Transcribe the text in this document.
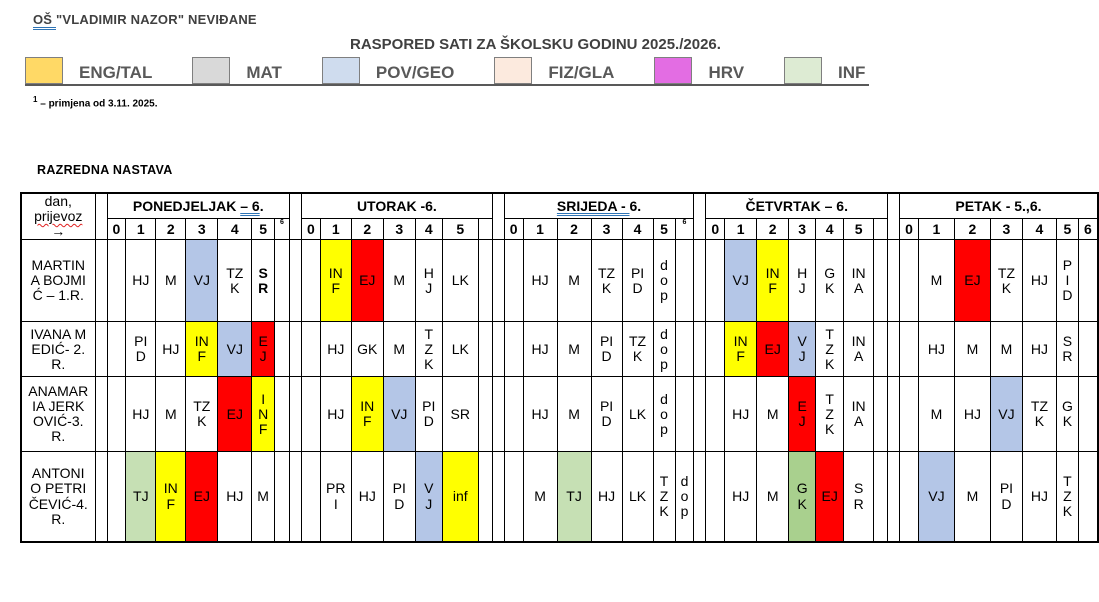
OŠ "VLADIMIR NAZOR" NEVIĐANE
RASPORED SATI ZA ŠKOLSKU GODINU 2025./2026.
ENG/TAL	MAT	POV/GEO	FIZ/GLA	HRV	INF
$^1$ – primjena od 3.11. 2025.
RAZREDNA NASTAVA
dan,
prijevoz →		PONEDJELJAK – 6.								UTORAK -6.								SRIJEDA - 6.								ČETVRTAK – 6.								PETAK - 5.,6.						
		0	1	2	3	4	5	6		0	1	2	3	4	5			0	1	2	3	4	5	6		0	1	2	3	4	5			0	1	2	3	4	5	6
MARTINA BOJMIĆ – 1.R.			HJ	M	VJ	TZK	SR				INF	EJ	M	HJ	LK				HJ	M	TZK	PID	dop				VJ	INF	HJ	GK	INA				M	EJ	TZK	HJ	PID	
IVANA MEDIĆ- 2.R.			PID	HJ	INF	VJ	EJ				HJ	GK	M	TZK	LK				HJ	M	PID	TZK	dop				INF	EJ	VJ	TZK	INA				HJ	M	M	HJ	SR	
ANAMARIA JERKOVIĆ-3.R.			HJ	M	TZK	EJ	INF				HJ	INF	VJ	PID	SR				HJ	M	PID	LK	dop				HJ	M	EJ	TZK	INA				M	HJ	VJ	TZK	GK	
ANTONIO PETRIČEVIĆ-4.R.			TJ	INF	EJ	HJ	M				PRI	HJ	PID	VJ	inf				M	TJ	HJ	LK	TZK	dop			HJ	M	GK	EJ	SR				VJ	M	PID	HJ	TZK	
